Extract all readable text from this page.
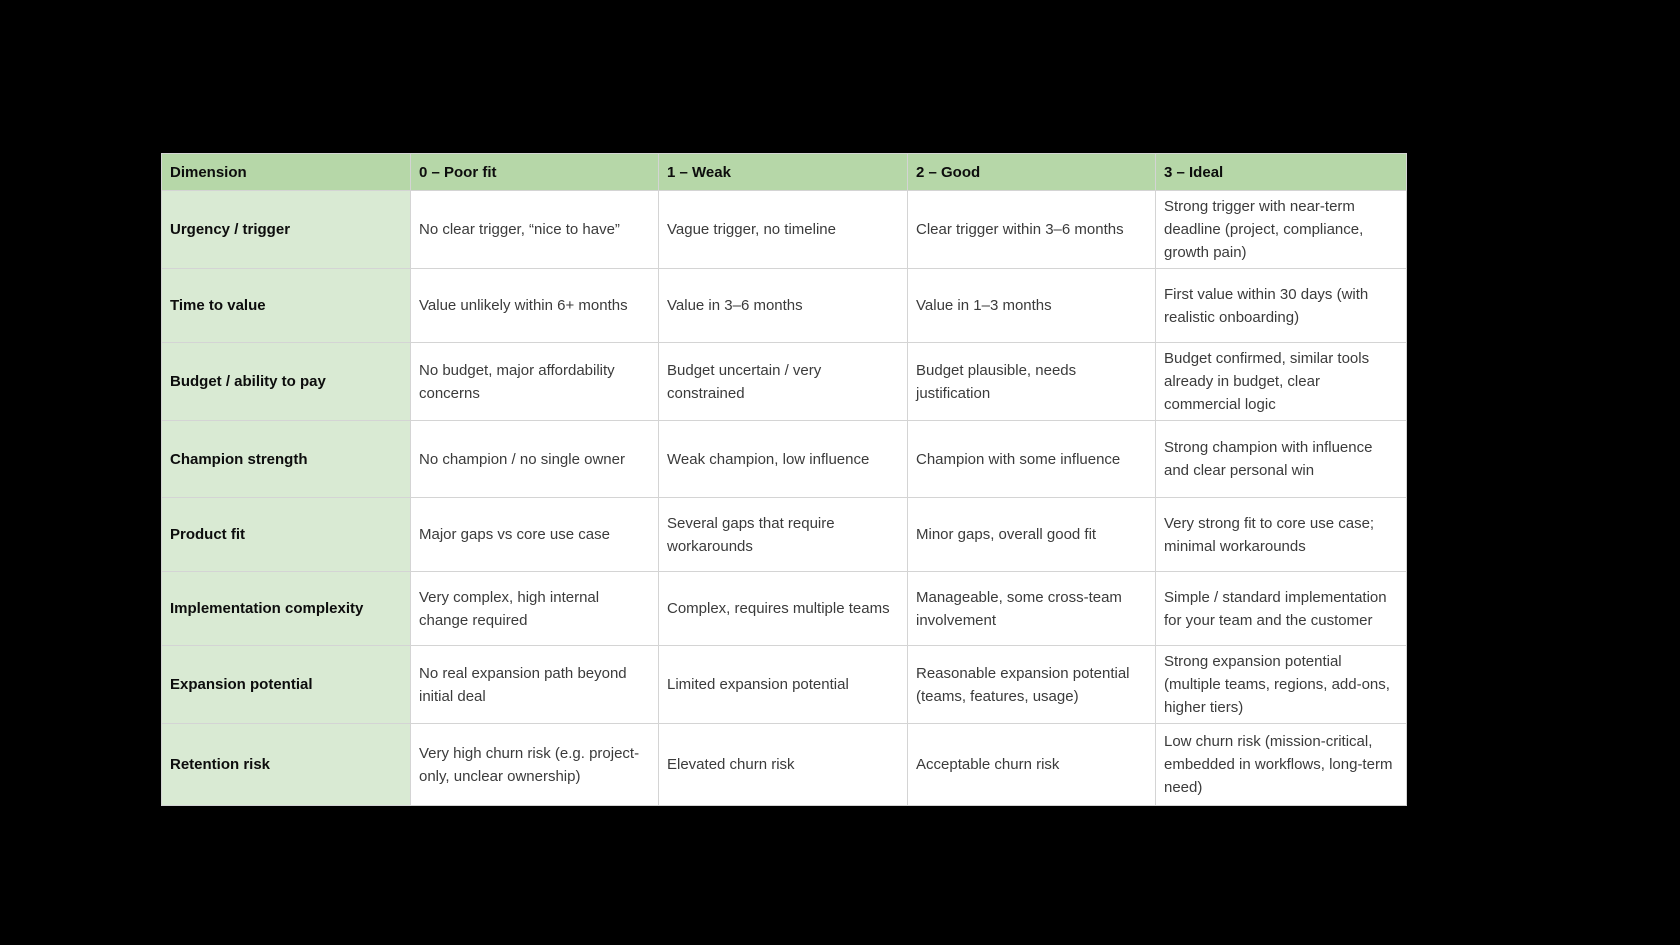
Dimension	0 – Poor fit	1 – Weak	2 – Good	3 – Ideal
Urgency / trigger	No clear trigger, “nice to have”	Vague trigger, no timeline	Clear trigger within 3–6 months	Strong trigger with near-term deadline (project, compliance, growth pain)
Time to value	Value unlikely within 6+ months	Value in 3–6 months	Value in 1–3 months	First value within 30 days (with realistic onboarding)
Budget / ability to pay	No budget, major affordability concerns	Budget uncertain / very constrained	Budget plausible, needs justification	Budget confirmed, similar tools already in budget, clear commercial logic
Champion strength	No champion / no single owner	Weak champion, low influence	Champion with some influence	Strong champion with influence and clear personal win
Product fit	Major gaps vs core use case	Several gaps that require workarounds	Minor gaps, overall good fit	Very strong fit to core use case; minimal workarounds
Implementation complexity	Very complex, high internal change required	Complex, requires multiple teams	Manageable, some cross-team involvement	Simple / standard implementation for your team and the customer
Expansion potential	No real expansion path beyond initial deal	Limited expansion potential	Reasonable expansion potential (teams, features, usage)	Strong expansion potential (multiple teams, regions, add-ons, higher tiers)
Retention risk	Very high churn risk (e.g. project-only, unclear ownership)	Elevated churn risk	Acceptable churn risk	Low churn risk (mission-critical, embedded in workflows, long-term need)
